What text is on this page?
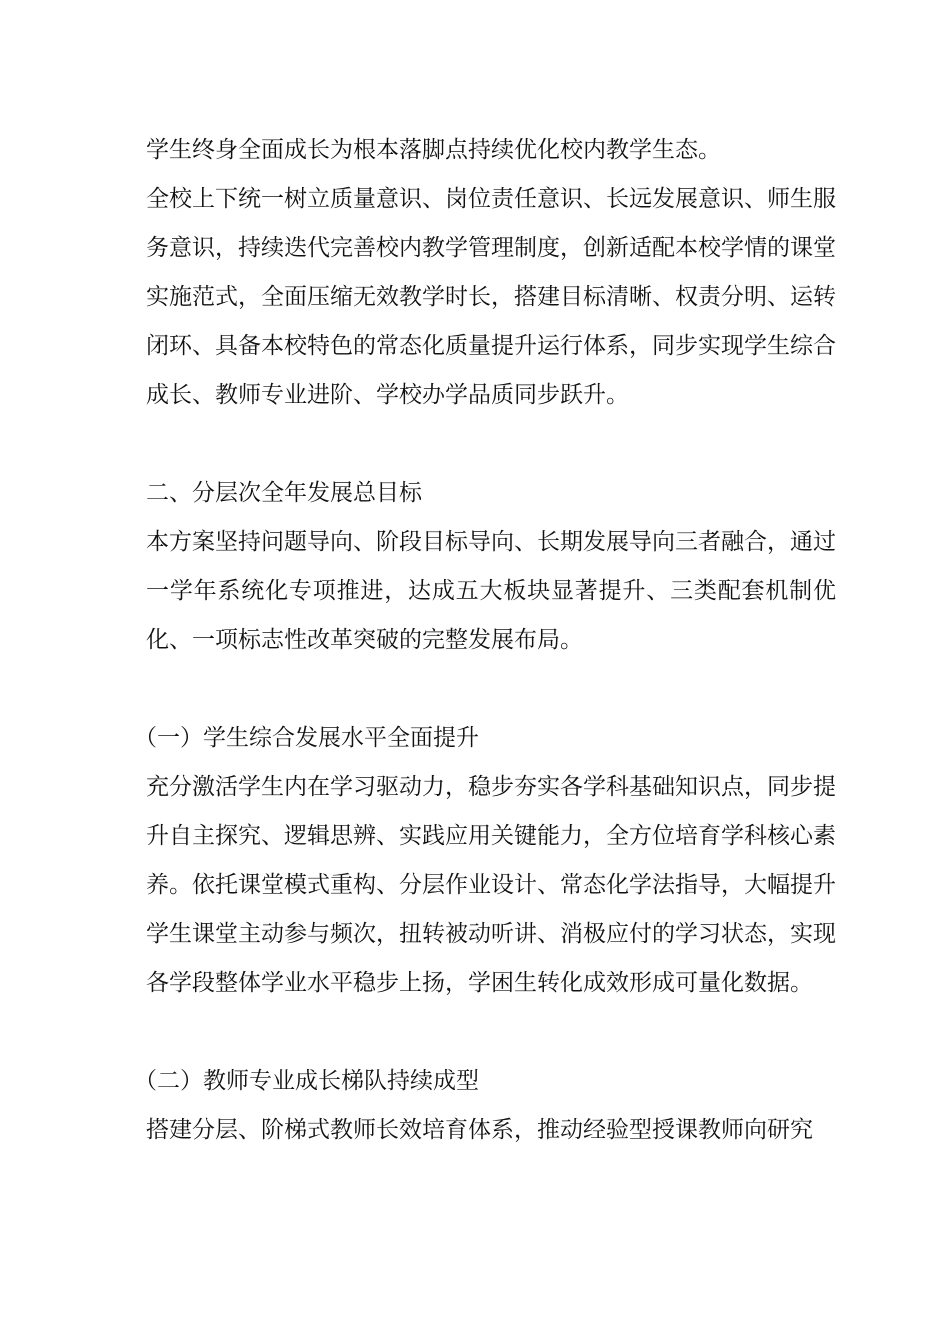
学生终身全面成长为根本落脚点持续优化校内教学生态。

全校上下统一树立质量意识、岗位责任意识、长远发展意识、师生服务意识，持续迭代完善校内教学管理制度，创新适配本校学情的课堂实施范式，全面压缩无效教学时长，搭建目标清晰、权责分明、运转闭环、具备本校特色的常态化质量提升运行体系，同步实现学生综合成长、教师专业进阶、学校办学品质同步跃升。

二、分层次全年发展总目标

本方案坚持问题导向、阶段目标导向、长期发展导向三者融合，通过一学年系统化专项推进，达成五大板块显著提升、三类配套机制优化、一项标志性改革突破的完整发展布局。

（一）学生综合发展水平全面提升

充分激活学生内在学习驱动力，稳步夯实各学科基础知识点，同步提升自主探究、逻辑思辨、实践应用关键能力，全方位培育学科核心素养。依托课堂模式重构、分层作业设计、常态化学法指导，大幅提升学生课堂主动参与频次，扭转被动听讲、消极应付的学习状态，实现各学段整体学业水平稳步上扬，学困生转化成效形成可量化数据。

（二）教师专业成长梯队持续成型

搭建分层、阶梯式教师长效培育体系，推动经验型授课教师向研究
